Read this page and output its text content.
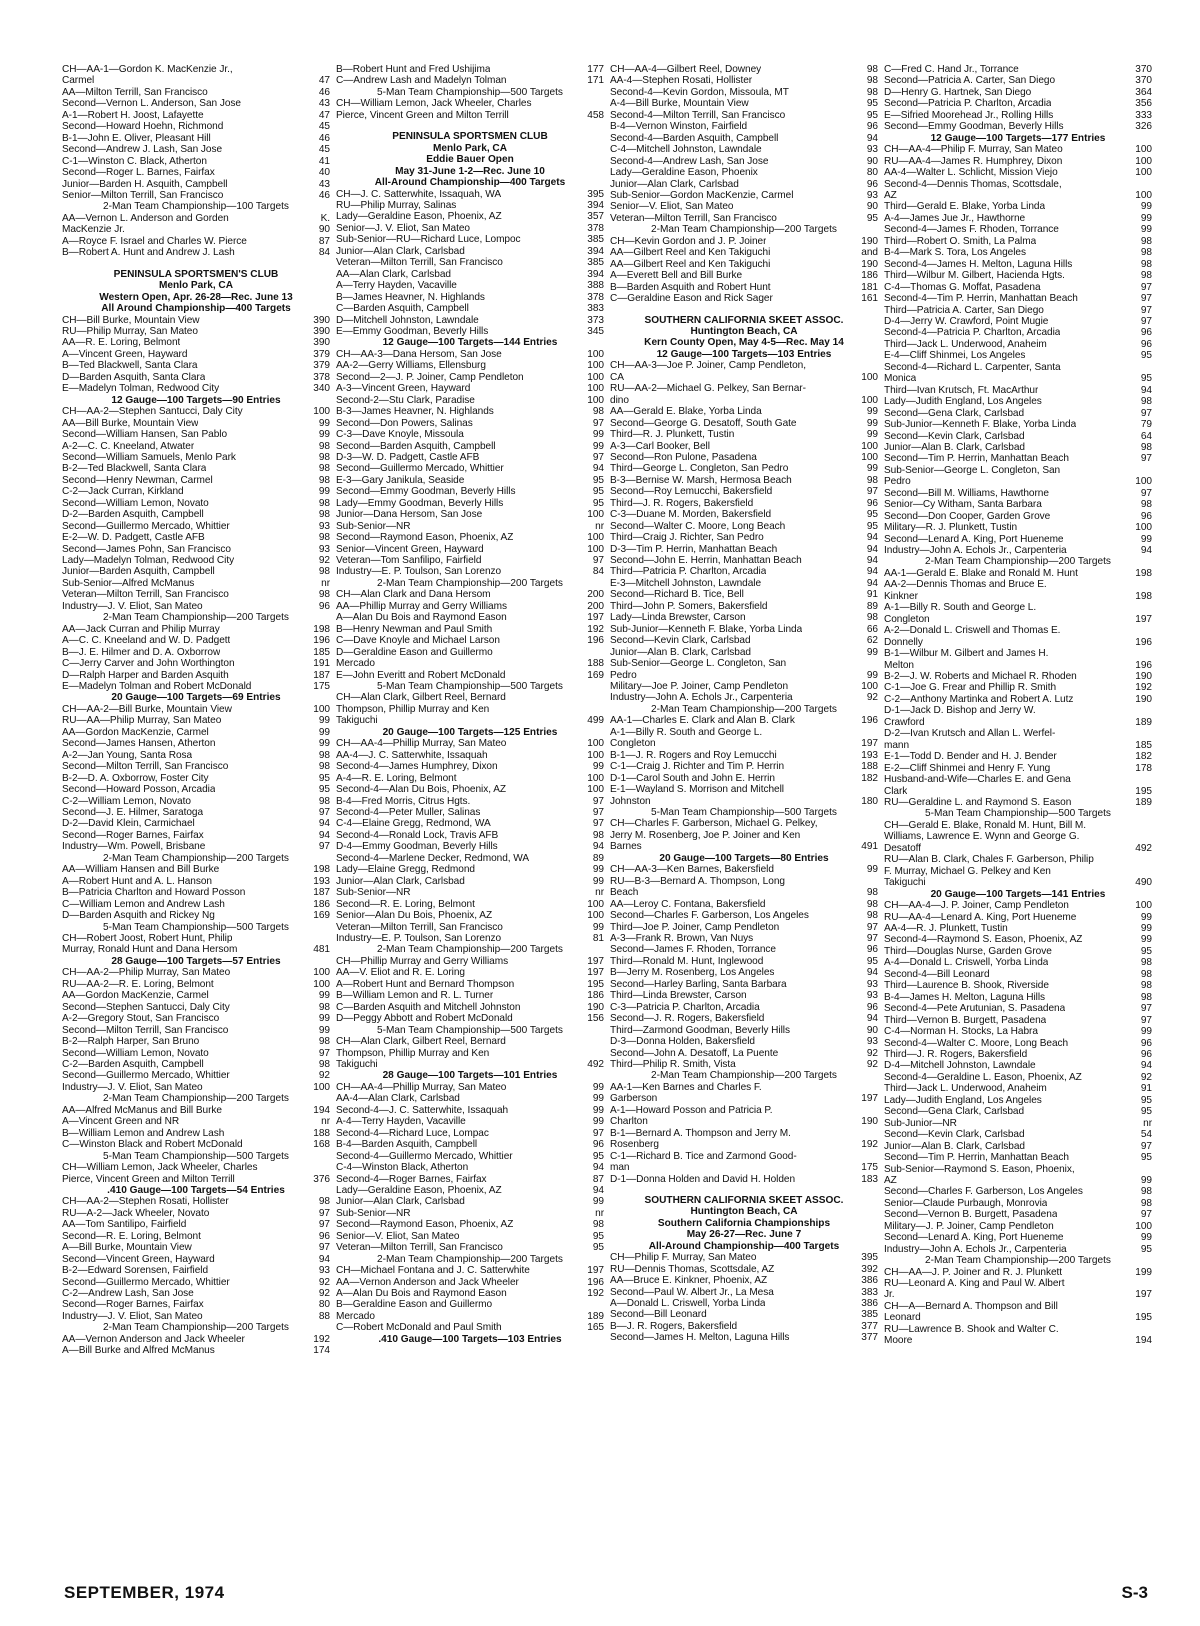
CH—AA-1—Gordon K. MacKenzie Jr.,
Carmel	47
AA—Milton Terrill, San Francisco	46
Second—Vernon L. Anderson, San Jose	43
A-1—Robert H. Joost, Lafayette	47
Second—Howard Hoehn, Richmond	45
B-1—John E. Oliver, Pleasant Hill	46
Second—Andrew J. Lash, San Jose	45
C-1—Winston C. Black, Atherton	41
Second—Roger L. Barnes, Fairfax	40
Junior—Barden H. Asquith, Campbell	43
Senior—Milton Terrill, San Francisco	46
2-Man Team Championship—100 Targets
AA—Vernon L. Anderson and Gorden	K.
MacKenzie Jr.	90
A—Royce F. Israel and Charles W. Pierce	87
B—Robert A. Hunt and Andrew J. Lash	84
PENINSULA SPORTSMEN'S CLUB
Menlo Park, CA
Western Open, Apr. 26-28—Rec. June 13
All Around Championship—400 Targets
CH—Bill Burke, Mountain View	390
RU—Philip Murray, San Mateo	390
AA—R. E. Loring, Belmont	390
A—Vincent Green, Hayward	379
B—Ted Blackwell, Santa Clara	379
D—Barden Asquith, Santa Clara	378
E—Madelyn Tolman, Redwood City	340
12 Gauge—100 Targets—90 Entries
CH—AA-2—Stephen Santucci, Daly City	100
AA—Bill Burke, Mountain View	99
Second—William Hansen, San Pablo	99
A-2—C. C. Kneeland, Atwater	98
Second—William Samuels, Menlo Park	98
B-2—Ted Blackwell, Santa Clara	98
Second—Henry Newman, Carmel	98
C-2—Jack Curran, Kirkland	99
Second—William Lemon, Novato	98
D-2—Barden Asquith, Campbell	98
Second—Guillermo Mercado, Whittier	93
E-2—W. D. Padgett, Castle AFB	98
Second—James Pohn, San Francisco	93
Lady—Madelyn Tolman, Redwood City	92
Junior—Barden Asquith, Campbell	98
Sub-Senior—Alfred McManus	nr
Veteran—Milton Terrill, San Francisco	98
Industry—J. V. Eliot, San Mateo	96
2-Man Team Championship—200 Targets
AA—Jack Curran and Philip Murray	198
A—C. C. Kneeland and W. D. Padgett	196
B—J. E. Hilmer and D. A. Oxborrow	185
C—Jerry Carver and John Worthington	191
D—Ralph Harper and Barden Asquith	187
E—Madelyn Tolman and Robert McDonald	175
20 Gauge—100 Targets—69 Entries
CH—AA-2—Bill Burke, Mountain View	100
RU—AA—Philip Murray, San Mateo	99
AA—Gordon MacKenzie, Carmel	99
Second—James Hansen, Atherton	99
A-2—Jan Young, Santa Rosa	98
Second—Milton Terrill, San Francisco	98
B-2—D. A. Oxborrow, Foster City	95
Second—Howard Posson, Arcadia	95
C-2—William Lemon, Novato	98
Second—J. E. Hilmer, Saratoga	97
D-2—David Klein, Carmichael	94
Second—Roger Barnes, Fairfax	94
Industry—Wm. Powell, Brisbane	97
2-Man Team Championship—200 Targets
AA—William Hansen and Bill Burke	198
A—Robert Hunt and A. L. Hanson	193
B—Patricia Charlton and Howard Posson	187
C—William Lemon and Andrew Lash	186
D—Barden Asquith and Rickey Ng	169
5-Man Team Championship—500 Targets
CH—Robert Joost, Robert Hunt, Philip
Murray, Ronald Hunt and Dana Hersom	481
28 Gauge—100 Targets—57 Entries
CH—AA-2—Philip Murray, San Mateo	100
RU—AA-2—R. E. Loring, Belmont	100
AA—Gordon MacKenzie, Carmel	99
Second—Stephen Santucci, Daly City	98
A-2—Gregory Stout, San Francisco	99
Second—Milton Terrill, San Francisco	99
B-2—Ralph Harper, San Bruno	98
Second—William Lemon, Novato	97
C-2—Barden Asquith, Campbell	98
Second—Guillermo Mercado, Whittier	92
Industry—J. V. Eliot, San Mateo	100
2-Man Team Championship—200 Targets
AA—Alfred McManus and Bill Burke	194
A—Vincent Green and NR	nr
B—William Lemon and Andrew Lash	188
C—Winston Black and Robert McDonald	168
5-Man Team Championship—500 Targets
CH—William Lemon, Jack Wheeler, Charles
Pierce, Vincent Green and Milton Terrill	376
.410 Gauge—100 Targets—54 Entries
CH—AA-2—Stephen Rosati, Hollister	98
RU—A-2—Jack Wheeler, Novato	97
AA—Tom Santilipo, Fairfield	97
Second—R. E. Loring, Belmont	96
A—Bill Burke, Mountain View	97
Second—Vincent Green, Hayward	94
B-2—Edward Sorensen, Fairfield	93
Second—Guillermo Mercado, Whittier	92
C-2—Andrew Lash, San Jose	92
Second—Roger Barnes, Fairfax	80
Industry—J. V. Eliot, San Mateo	88
2-Man Team Championship—200 Targets
AA—Vernon Anderson and Jack Wheeler	192
A—Bill Burke and Alfred McManus	174
B—Robert Hunt and Fred Ushijima	177
C—Andrew Lash and Madelyn Tolman	171
5-Man Team Championship—500 Targets
CH—William Lemon, Jack Wheeler, Charles
Pierce, Vincent Green and Milton Terrill	458
PENINSULA SPORTSMEN CLUB
Menlo Park, CA
Eddie Bauer Open
May 31-June 1-2—Rec. June 10
All-Around Championship—400 Targets
CH—J. C. Satterwhite, Issaquah, WA	395
RU—Philip Murray, Salinas	394
Lady—Geraldine Eason, Phoenix, AZ	357
Senior—J. V. Eliot, San Mateo	378
Sub-Senior—RU—Richard Luce, Lompoc	385
Junior—Alan Clark, Carlsbad	394
Veteran—Milton Terrill, San Francisco	385
AA—Alan Clark, Carlsbad	394
A—Terry Hayden, Vacaville	388
B—James Heavner, N. Highlands	378
C—Barden Asquith, Campbell	383
D—Mitchell Johnston, Lawndale	373
E—Emmy Goodman, Beverly Hills	345
12 Gauge—100 Targets—144 Entries
CH—AA-3—Dana Hersom, San Jose	100
AA-2—Gerry Williams, Ellensburg	100
Second—2—J. P. Joiner, Camp Pendleton	100
A-3—Vincent Green, Hayward	100
Second-2—Stu Clark, Paradise	100
B-3—James Heavner, N. Highlands	98
Second—Don Powers, Salinas	97
C-3—Dave Knoyle, Missoula	99
Second—Barden Asquith, Campbell	99
D-3—W. D. Padgett, Castle AFB	97
Second—Guillermo Mercado, Whittier	94
E-3—Gary Janikula, Seaside	95
Second—Emmy Goodman, Beverly Hills	95
Lady—Emmy Goodman, Beverly Hills	95
Junior—Dana Hersom, San Jose	100
Sub-Senior—NR	nr
Second—Raymond Eason, Phoenix, AZ	100
Senior—Vincent Green, Hayward	100
Veteran—Tom Sanfilipo, Fairfield	97
Industry—E. P. Toulson, San Lorenzo	84
2-Man Team Championship—200 Targets
CH—Alan Clark and Dana Hersom	200
AA—Phillip Murray and Gerry Williams	200
A—Alan Du Bois and Raymond Eason	197
B—Henry Newman and Paul Smith	192
C—Dave Knoyle and Michael Larson	196
D—Geraldine Eason and Guillermo
Mercado	188
E—John Everitt and Robert McDonald	169
5-Man Team Championship—500 Targets
CH—Alan Clark, Gilbert Reel, Bernard
Thompson, Phillip Murray and Ken
Takiguchi	499
20 Gauge—100 Targets—125 Entries
CH—AA-4—Phillip Murray, San Mateo	100
AA-4—J. C. Satterwhite, Issaquah	100
Second-4—James Humphrey, Dixon	99
A-4—R. E. Loring, Belmont	100
Second-4—Alan Du Bois, Phoenix, AZ	100
B-4—Fred Morris, Citrus Hgts.	97
Second-4—Peter Muller, Salinas	97
C-4—Elaine Gregg, Redmond, WA	97
Second-4—Ronald Lock, Travis AFB	98
D-4—Emmy Goodman, Beverly Hills	94
Second-4—Marlene Decker, Redmond, WA	89
Lady—Elaine Gregg, Redmond	99
Junior—Alan Clark, Carlsbad	99
Sub-Senior—NR	nr
Second—R. E. Loring, Belmont	100
Senior—Alan Du Bois, Phoenix, AZ	100
Veteran—Milton Terrill, San Francisco	99
Industry—E. P. Toulson, San Lorenzo	81
2-Man Team Championship—200 Targets
CH—Phillip Murray and Gerry Williams	197
AA—V. Eliot and R. E. Loring	197
A—Robert Hunt and Bernard Thompson	195
B—William Lemon and R. L. Turner	186
C—Barden Asquith and Mitchell Johnston	190
D—Peggy Abbott and Robert McDonald	156
5-Man Team Championship—500 Targets
CH—Alan Clark, Gilbert Reel, Bernard
Thompson, Phillip Murray and Ken
Takiguchi	492
28 Gauge—100 Targets—101 Entries
CH—AA-4—Phillip Murray, San Mateo	99
AA-4—Alan Clark, Carlsbad	99
Second-4—J. C. Satterwhite, Issaquah	99
A-4—Terry Hayden, Vacaville	99
Second-4—Richard Luce, Lompac	97
B-4—Barden Asquith, Campbell	96
Second-4—Guillermo Mercado, Whittier	95
C-4—Winston Black, Atherton	94
Second-4—Roger Barnes, Fairfax	87
Lady—Geraldine Eason, Phoenix, AZ	94
Junior—Alan Clark, Carlsbad	99
Sub-Senior—NR	nr
Second—Raymond Eason, Phoenix, AZ	98
Senior—V. Eliot, San Mateo	95
Veteran—Milton Terrill, San Francisco	95
2-Man Team Championship—200 Targets
CH—Michael Fontana and J. C. Satterwhite	197
AA—Vernon Anderson and Jack Wheeler	196
A—Alan Du Bois and Raymond Eason	192
B—Geraldine Eason and Guillermo
Mercado	189
C—Robert McDonald and Paul Smith	165
.410 Gauge—100 Targets—103 Entries
CH—AA-4—Gilbert Reel, Downey	98
AA-4—Stephen Rosati, Hollister	98
Second-4—Kevin Gordon, Missoula, MT	98
A-4—Bill Burke, Mountain View	95
Second-4—Milton Terrill, San Francisco	95
B-4—Vernon Winston, Fairfield	96
Second-4—Barden Asquith, Campbell	94
C-4—Mitchell Johnston, Lawndale	93
Second-4—Andrew Lash, San Jose	90
Lady—Geraldine Eason, Phoenix	80
Junior—Alan Clark, Carlsbad	96
Sub-Senior—Gordon MacKenzie, Carmel	93
Senior—V. Eliot, San Mateo	90
Veteran—Milton Terrill, San Francisco	95
2-Man Team Championship—200 Targets
CH—Kevin Gordon and J. P. Joiner	190
AA—Gilbert Reel and Ken Takiguchi	and
AA—Gilbert Reel and Ken Takiguchi	190
A—Everett Bell and Bill Burke	186
B—Barden Asquith and Robert Hunt	181
C—Geraldine Eason and Rick Sager	161
SOUTHERN CALIFORNIA SKEET ASSOC.
Huntington Beach, CA
Kern County Open, May 4-5—Rec. May 14
12 Gauge—100 Targets—103 Entries
CH—AA-3—Joe P. Joiner, Camp Pendleton,
CA	100
RU—AA-2—Michael G. Pelkey, San Bernar-
dino	100
AA—Gerald E. Blake, Yorba Linda	99
Second—George G. Desatoff, South Gate	99
Third—R. J. Plunkett, Tustin	99
A-3—Carl Booker, Bell	100
Second—Ron Pulone, Pasadena	100
Third—George L. Congleton, San Pedro	99
B-3—Bernise W. Marsh, Hermosa Beach	98
Second—Roy Lemucchi, Bakersfield	97
Third—J. R. Rogers, Bakersfield	96
C-3—Duane M. Morden, Bakersfield	95
Second—Walter C. Moore, Long Beach	95
Third—Craig J. Richter, San Pedro	94
D-3—Tim P. Herrin, Manhattan Beach	94
Second—John E. Herrin, Manhattan Beach	94
Third—Patricia P. Charlton, Arcadia	94
E-3—Mitchell Johnston, Lawndale	94
Second—Richard B. Tice, Bell	91
Third—John P. Somers, Bakersfield	89
Lady—Linda Brewster, Carson	98
Sub-Junior—Kenneth F. Blake, Yorba Linda	66
Second—Kevin Clark, Carlsbad	62
Junior—Alan B. Clark, Carlsbad	99
Sub-Senior—George L. Congleton, San
Pedro	99
Military—Joe P. Joiner, Camp Pendleton	100
Industry—John A. Echols Jr., Carpenteria	92
2-Man Team Championship—200 Targets
AA-1—Charles E. Clark and Alan B. Clark	196
A-1—Billy R. South and George L.
Congleton	197
B-1—J. R. Rogers and Roy Lemucchi	193
C-1—Craig J. Richter and Tim P. Herrin	188
D-1—Carol South and John E. Herrin	182
E-1—Wayland S. Morrison and Mitchell
Johnston	180
5-Man Team Championship—500 Targets
CH—Charles F. Garberson, Michael G. Pelkey,
Jerry M. Rosenberg, Joe P. Joiner and Ken
Barnes	491
20 Gauge—100 Targets—80 Entries
CH—AA-3—Ken Barnes, Bakersfield	99
RU—B-3—Bernard A. Thompson, Long
Beach	98
AA—Leroy C. Fontana, Bakersfield	98
Second—Charles F. Garberson, Los Angeles	98
Third—Joe P. Joiner, Camp Pendleton	97
A-3—Frank R. Brown, Van Nuys	97
Second—James F. Rhoden, Torrance	96
Third—Ronald M. Hunt, Inglewood	95
B—Jerry M. Rosenberg, Los Angeles	94
Second—Harley Barling, Santa Barbara	93
Third—Linda Brewster, Carson	93
C-3—Patricia P. Charlton, Arcadia	96
Second—J. R. Rogers, Bakersfield	94
Third—Zarmond Goodman, Beverly Hills	90
D-3—Donna Holden, Bakersfield	93
Second—John A. Desatoff, La Puente	92
Third—Philip R. Smith, Vista	92
2-Man Team Championship—200 Targets
AA-1—Ken Barnes and Charles F.
Garberson	197
A-1—Howard Posson and Patricia P.
Charlton	190
B-1—Bernard A. Thompson and Jerry M.
Rosenberg	192
C-1—Richard B. Tice and Zarmond Good-
man	175
D-1—Donna Holden and David H. Holden	183
SOUTHERN CALIFORNIA SKEET ASSOC.
Huntington Beach, CA
Southern California Championships
May 26-27—Rec. June 7
All-Around Championship—400 Targets
CH—Philip F. Murray, San Mateo	395
RU—Dennis Thomas, Scottsdale, AZ	392
AA—Bruce E. Kinkner, Phoenix, AZ	386
Second—Paul W. Albert Jr., La Mesa	383
A—Donald L. Criswell, Yorba Linda	386
Second—Bill Leonard	385
B—J. R. Rogers, Bakersfield	377
Second—James H. Melton, Laguna Hills	377
C—Fred C. Hand Jr., Torrance	370
Second—Patricia A. Carter, San Diego	370
D—Henry G. Hartnek, San Diego	364
Second—Patricia P. Charlton, Arcadia	356
E—Sifried Moorehead Jr., Rolling Hills	333
Second—Emmy Goodman, Beverly Hills	326
12 Gauge—100 Targets—177 Entries
CH—AA-4—Philip F. Murray, San Mateo	100
RU—AA-4—James R. Humphrey, Dixon	100
AA-4—Walter L. Schlicht, Mission Viejo	100
Second-4—Dennis Thomas, Scottsdale,
AZ	100
Third—Gerald E. Blake, Yorba Linda	99
A-4—James Jue Jr., Hawthorne	99
Second-4—James F. Rhoden, Torrance	99
Third—Robert O. Smith, La Palma	98
B-4—Mark S. Tora, Los Angeles	98
Second-4—James H. Melton, Laguna Hills	98
Third—Wilbur M. Gilbert, Hacienda Hgts.	98
C-4—Thomas G. Moffat, Pasadena	97
Second-4—Tim P. Herrin, Manhattan Beach	97
Third—Patricia A. Carter, San Diego	97
D-4—Jerry W. Crawford, Point Mugie	97
Second-4—Patricia P. Charlton, Arcadia	96
Third—Jack L. Underwood, Anaheim	96
E-4—Cliff Shinmei, Los Angeles	95
Second-4—Richard L. Carpenter, Santa
Monica	95
Third—Ivan Krutsch, Ft. MacArthur	94
Lady—Judith England, Los Angeles	98
Second—Gena Clark, Carlsbad	97
Sub-Junior—Kenneth F. Blake, Yorba Linda	79
Second—Kevin Clark, Carlsbad	64
Junior—Alan B. Clark, Carlsbad	98
Second—Tim P. Herrin, Manhattan Beach	97
Sub-Senior—George L. Congleton, San
Pedro	100
Second—Bill M. Williams, Hawthorne	97
Senior—Cy Witham, Santa Barbara	98
Second—Don Cooper, Garden Grove	96
Military—R. J. Plunkett, Tustin	100
Second—Lenard A. King, Port Hueneme	99
Industry—John A. Echols Jr., Carpenteria	94
2-Man Team Championship—200 Targets
AA-1—Gerald E. Blake and Ronald M. Hunt	198
AA-2—Dennis Thomas and Bruce E.
Kinkner	198
A-1—Billy R. South and George L.
Congleton	197
A-2—Donald L. Criswell and Thomas E.
Donnelly	196
B-1—Wilbur M. Gilbert and James H.
Melton	196
B-2—J. W. Roberts and Michael R. Rhoden	190
C-1—Joe G. Frear and Phillip R. Smith	192
C-2—Anthony Martinka and Robert A. Lutz	190
D-1—Jack D. Bishop and Jerry W.
Crawford	189
D-2—Ivan Krutsch and Allan L. Werfel-
mann	185
E-1—Todd D. Bender and H. J. Bender	182
E-2—Cliff Shinmei and Henry F. Yung	178
Husband-and-Wife—Charles E. and Gena
Clark	195
RU—Geraldine L. and Raymond S. Eason	189
5-Man Team Championship—500 Targets
CH—Gerald E. Blake, Ronald M. Hunt, Bill M.
Williams, Lawrence E. Wynn and George G.
Desatoff	492
RU—Alan B. Clark, Chales F. Garberson, Philip
F. Murray, Michael G. Pelkey and Ken
Takiguchi	490
20 Gauge—100 Targets—141 Entries
CH—AA-4—J. P. Joiner, Camp Pendleton	100
RU—AA-4—Lenard A. King, Port Hueneme	99
AA-4—R. J. Plunkett, Tustin	99
Second-4—Raymond S. Eason, Phoenix, AZ	99
Third—Douglas Nurse, Garden Grove	95
A-4—Donald L. Criswell, Yorba Linda	98
Second-4—Bill Leonard	98
Third—Laurence B. Shook, Riverside	98
B-4—James H. Melton, Laguna Hills	98
Second-4—Pete Arutunian, S. Pasadena	97
Third—Vernon B. Burgett, Pasadena	97
C-4—Norman H. Stocks, La Habra	99
Second-4—Walter C. Moore, Long Beach	96
Third—J. R. Rogers, Bakersfield	96
D-4—Mitchell Johnston, Lawndale	94
Second-4—Geraldine L. Eason, Phoenix, AZ	92
Third—Jack L. Underwood, Anaheim	91
Lady—Judith England, Los Angeles	95
Second—Gena Clark, Carlsbad	95
Sub-Junior—NR	nr
Second—Kevin Clark, Carlsbad	54
Junior—Alan B. Clark, Carlsbad	97
Second—Tim P. Herrin, Manhattan Beach	95
Sub-Senior—Raymond S. Eason, Phoenix,
AZ	99
Second—Charles F. Garberson, Los Angeles	98
Senior—Claude Purbaugh, Monrovia	98
Second—Vernon B. Burgett, Pasadena	97
Military—J. P. Joiner, Camp Pendleton	100
Second—Lenard A. King, Port Hueneme	99
Industry—John A. Echols Jr., Carpenteria	95
2-Man Team Championship—200 Targets
CH—AA—J. P. Joiner and R. J. Plunkett	199
RU—Leonard A. King and Paul W. Albert
Jr.	197
CH—A—Bernard A. Thompson and Bill
Leonard	195
RU—Lawrence B. Shook and Walter C.
Moore	194
SEPTEMBER, 1974	S-3
